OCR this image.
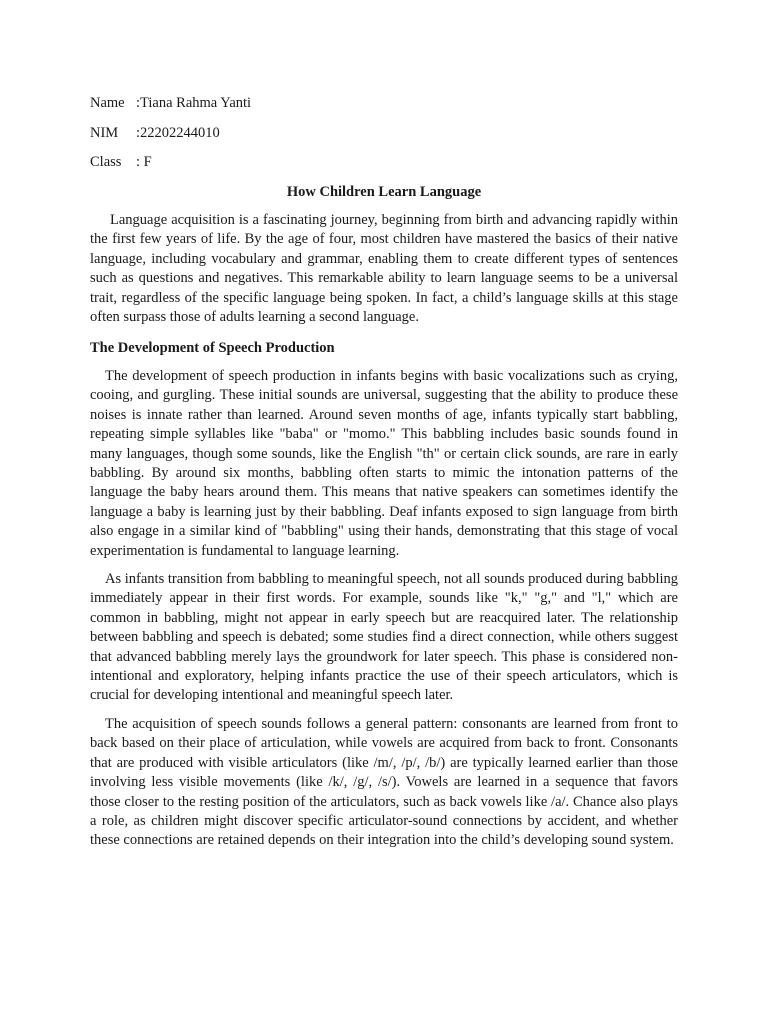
Name :Tiana Rahma Yanti
NIM :22202244010
Class : F
How Children Learn Language
Language acquisition is a fascinating journey, beginning from birth and advancing rapidly within the first few years of life. By the age of four, most children have mastered the basics of their native language, including vocabulary and grammar, enabling them to create different types of sentences such as questions and negatives. This remarkable ability to learn language seems to be a universal trait, regardless of the specific language being spoken. In fact, a child’s language skills at this stage often surpass those of adults learning a second language.
The Development of Speech Production
The development of speech production in infants begins with basic vocalizations such as crying, cooing, and gurgling. These initial sounds are universal, suggesting that the ability to produce these noises is innate rather than learned. Around seven months of age, infants typically start babbling, repeating simple syllables like "baba" or "momo." This babbling includes basic sounds found in many languages, though some sounds, like the English "th" or certain click sounds, are rare in early babbling. By around six months, babbling often starts to mimic the intonation patterns of the language the baby hears around them. This means that native speakers can sometimes identify the language a baby is learning just by their babbling. Deaf infants exposed to sign language from birth also engage in a similar kind of "babbling" using their hands, demonstrating that this stage of vocal experimentation is fundamental to language learning.
As infants transition from babbling to meaningful speech, not all sounds produced during babbling immediately appear in their first words. For example, sounds like "k," "g," and "l," which are common in babbling, might not appear in early speech but are reacquired later. The relationship between babbling and speech is debated; some studies find a direct connection, while others suggest that advanced babbling merely lays the groundwork for later speech. This phase is considered non-intentional and exploratory, helping infants practice the use of their speech articulators, which is crucial for developing intentional and meaningful speech later.
The acquisition of speech sounds follows a general pattern: consonants are learned from front to back based on their place of articulation, while vowels are acquired from back to front. Consonants that are produced with visible articulators (like /m/, /p/, /b/) are typically learned earlier than those involving less visible movements (like /k/, /g/, /s/). Vowels are learned in a sequence that favors those closer to the resting position of the articulators, such as back vowels like /a/. Chance also plays a role, as children might discover specific articulator-sound connections by accident, and whether these connections are retained depends on their integration into the child’s developing sound system.
